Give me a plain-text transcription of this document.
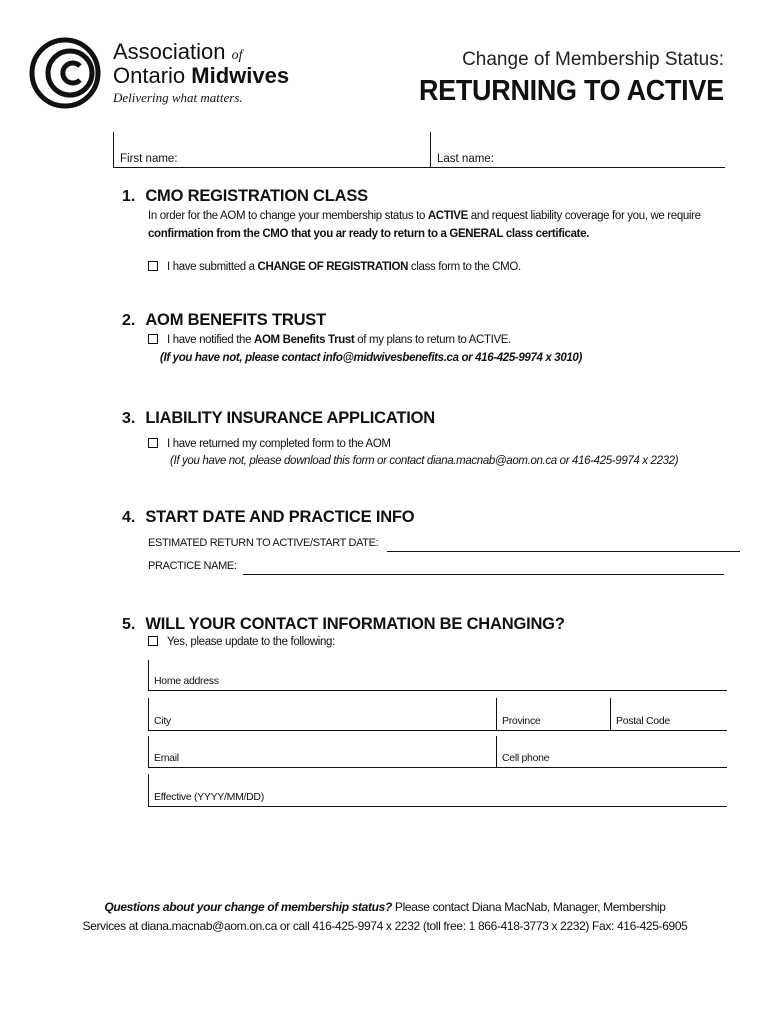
Association of
Ontario Midwives
Delivering what matters.
Change of Membership Status:
RETURNING TO ACTIVE
First name:	Last name:
1. CMO REGISTRATION CLASS
In order for the AOM to change your membership status to ACTIVE and request liability coverage for you, we require
confirmation from the CMO that you ar ready to return to a GENERAL class certificate.
I have submitted a CHANGE OF REGISTRATION class form to the CMO.
2. AOM BENEFITS TRUST
I have notified the AOM Benefits Trust of my plans to return to ACTIVE.
(If you have not, please contact info@midwivesbenefits.ca or 416-425-9974 x 3010)
3. LIABILITY INSURANCE APPLICATION
I have returned my completed form to the AOM
(If you have not, please download this form or contact diana.macnab@aom.on.ca or 416-425-9974 x 2232)
4. START DATE AND PRACTICE INFO
ESTIMATED RETURN TO ACTIVE/START DATE:
PRACTICE NAME:
5. WILL YOUR CONTACT INFORMATION BE CHANGING?
Yes, please update to the following:
Home address
City	Province	Postal Code
Email	Cell phone
Effective (YYYY/MM/DD)
Questions about your change of membership status? Please contact Diana MacNab, Manager, Membership
Services at diana.macnab@aom.on.ca or call 416-425-9974 x 2232 (toll free: 1 866-418-3773 x 2232) Fax: 416-425-6905
